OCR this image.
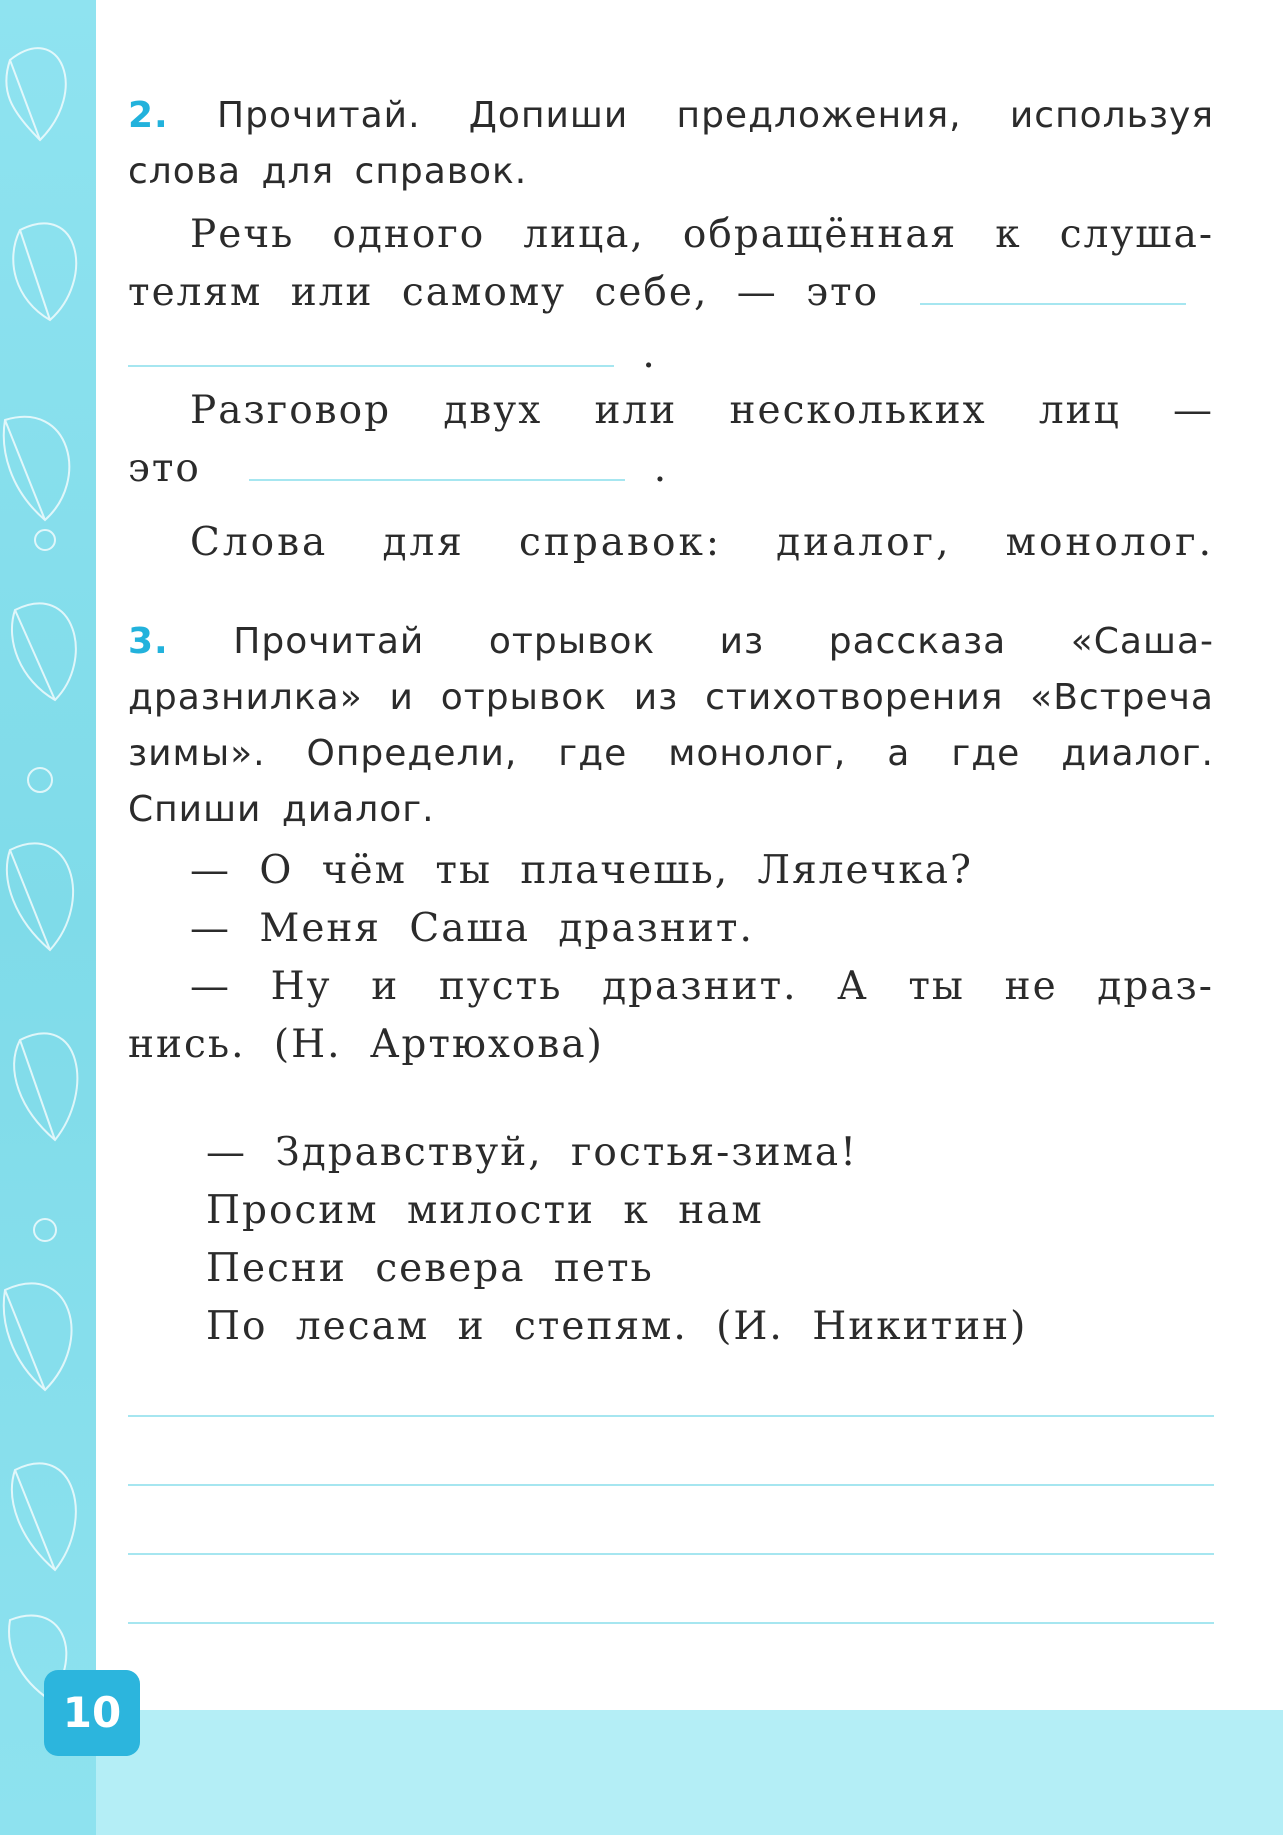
10
2. Прочитай. Допиши предложения, используя слова для справок.
Речь одного лица, обращённая к слуша-
телям или самому себе, — это
.
Разговор двух или нескольких лиц —
это	.
Слова для справок: диалог, монолог.
3. Прочитай отрывок из рассказа «Саша-дразнилка» и отрывок из стихотворения «Встреча зимы». Определи, где монолог, а где диалог. Спиши диалог.
— О чём ты плачешь, Лялечка?
— Меня Саша дразнит.
— Ну и пусть дразнит. А ты не драз-
нись. (Н. Артюхова)
— Здравствуй, гостья-зима!
Просим милости к нам
Песни севера петь
По лесам и степям. (И. Никитин)
